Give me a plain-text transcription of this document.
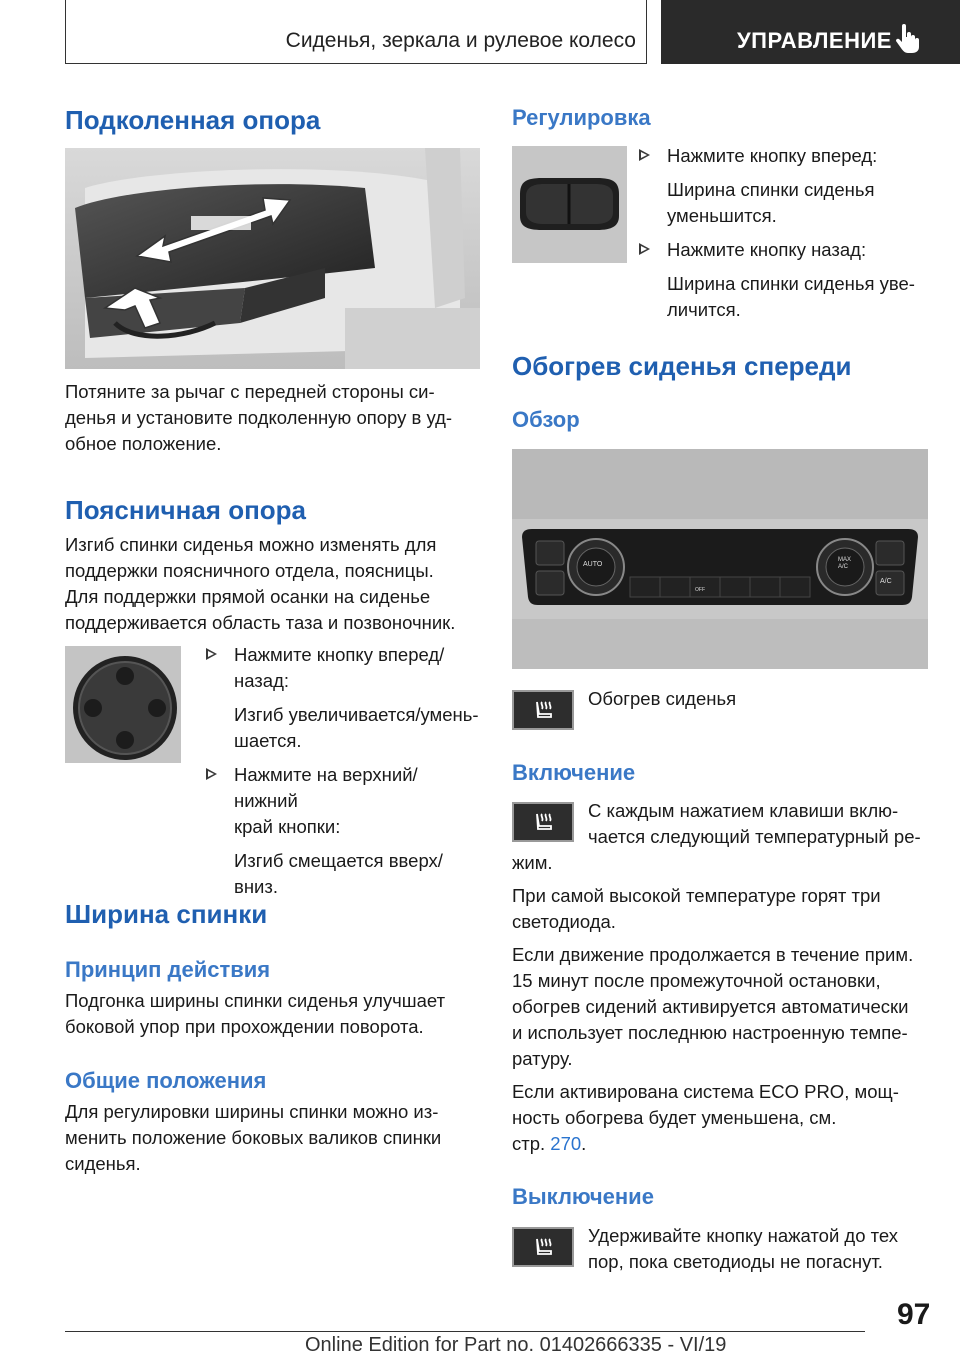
Сиденья, зеркала и рулевое колесо	УПРАВЛЕНИЕ
Подколенная опора

Потяните за рычаг с передней стороны си-

денья и установите подколенную опору в уд-

обное положение.

Поясничная опора

Изгиб спинки сиденья можно изменять для

поддержки поясничного отдела, поясницы.

Для поддержки прямой осанки на сиденье

поддерживается область таза и позвоночник.

Нажмите кнопку вперед/
назад:
Изгиб увеличивается/умень-
шается.
Нажмите на верхний/нижний
край кнопки:
Изгиб смещается вверх/
вниз.
Ширина спинки
Принцип действия

Подгонка ширины спинки сиденья улучшает

боковой упор при прохождении поворота.

Общие положения

Для регулировки ширины спинки можно из-

менить положение боковых валиков спинки

сиденья.

Регулировка
Нажмите кнопку вперед:
Ширина спинки сиденья
уменьшится.
Нажмите кнопку назад:
Ширина спинки сиденья уве-
личится.
Обогрев сиденья спереди
Обзор
AUTO
MAX
A/C
A/C
OFF
Обогрев сиденья
Включение
С каждым нажатием клавиши вклю-
чается следующий температурный ре-

жим.

При самой высокой температуре горят три

светодиода.

Если движение продолжается в течение прим.

15 минут после промежуточной остановки,

обогрев сидений активируется автоматически

и использует последнюю настроенную темпе-

ратуру.

Если активирована система ECO PRO, мощ-

ность обогрева будет уменьшена, см.

стр. 270.

Выключение
Удерживайте кнопку нажатой до тех
пор, пока светодиоды не погаснут.
97
Online Edition for Part no. 01402666335 - VI/19
